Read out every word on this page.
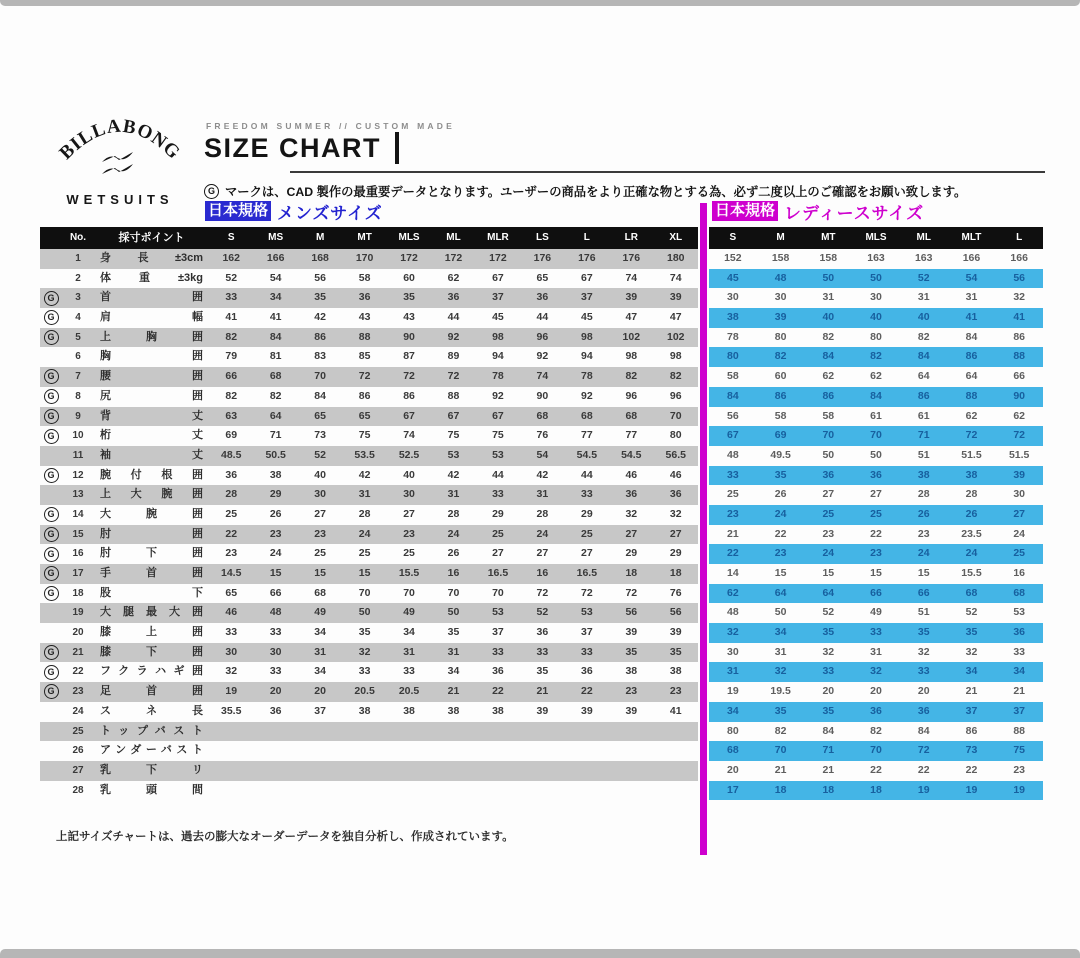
BILLABONG
WETSUITS
FREEDOM SUMMER // CUSTOM MADE
SIZE CHART
G マークは、CAD 製作の最重要データとなります。ユーザーの商品をより正確な物とする為、必ず二度以上のご確認をお願い致します。
日本規格 メンズサイズ	日本規格 レディースサイズ
No.	採寸ポイント	S	MS	M	MT	MLS	ML	MLR	LS	L	LR	XL
1	身 長 ±3cm	162	166	168	170	172	172	172	176	176	176	180
2	体 重 ±3kg	52	54	56	58	60	62	67	65	67	74	74
G	3	首 囲	33	34	35	36	35	36	37	36	37	39	39
G	4	肩 幅	41	41	42	43	43	44	45	44	45	47	47
G	5	上 胸 囲	82	84	86	88	90	92	98	96	98	102	102
6	胸 囲	79	81	83	85	87	89	94	92	94	98	98
G	7	腰 囲	66	68	70	72	72	72	78	74	78	82	82
G	8	尻 囲	82	82	84	86	86	88	92	90	92	96	96
G	9	背 丈	63	64	65	65	67	67	67	68	68	68	70
G	10	桁 丈	69	71	73	75	74	75	75	76	77	77	80
11	袖 丈	48.5	50.5	52	53.5	52.5	53	53	54	54.5	54.5	56.5
G	12	腕 付 根 囲	36	38	40	42	40	42	44	42	44	46	46
13	上 大 腕 囲	28	29	30	31	30	31	33	31	33	36	36
G	14	大 腕 囲	25	26	27	28	27	28	29	28	29	32	32
G	15	肘 囲	22	23	23	24	23	24	25	24	25	27	27
G	16	肘 下 囲	23	24	25	25	25	26	27	27	27	29	29
G	17	手 首 囲	14.5	15	15	15	15.5	16	16.5	16	16.5	18	18
G	18	股 下	65	66	68	70	70	70	70	72	72	72	76
19	大 腿 最 大 囲	46	48	49	50	49	50	53	52	53	56	56
20	膝 上 囲	33	33	34	35	34	35	37	36	37	39	39
G	21	膝 下 囲	30	30	31	32	31	31	33	33	33	35	35
G	22	フクラハギ囲	32	33	34	33	33	34	36	35	36	38	38
G	23	足 首 囲	19	20	20	20.5	20.5	21	22	21	22	23	23
24	ス ネ 長	35.5	36	37	38	38	38	38	39	39	39	41
25	トップバスト
26	アンダーバスト
27	乳 下 リ
28	乳 頭 間
S	M	MT	MLS	ML	MLT	L
152	158	158	163	163	166	166
45	48	50	50	52	54	56
30	30	31	30	31	31	32
38	39	40	40	40	41	41
78	80	82	80	82	84	86
80	82	84	82	84	86	88
58	60	62	62	64	64	66
84	86	86	84	86	88	90
56	58	58	61	61	62	62
67	69	70	70	71	72	72
48	49.5	50	50	51	51.5	51.5
33	35	36	36	38	38	39
25	26	27	27	28	28	30
23	24	25	25	26	26	27
21	22	23	22	23	23.5	24
22	23	24	23	24	24	25
14	15	15	15	15	15.5	16
62	64	64	66	66	68	68
48	50	52	49	51	52	53
32	34	35	33	35	35	36
30	31	32	31	32	32	33
31	32	33	32	33	34	34
19	19.5	20	20	20	21	21
34	35	35	36	36	37	37
80	82	84	82	84	86	88
68	70	71	70	72	73	75
20	21	21	22	22	22	23
17	18	18	18	19	19	19
上記サイズチャートは、過去の膨大なオーダーデータを独自分析し、作成されています。
